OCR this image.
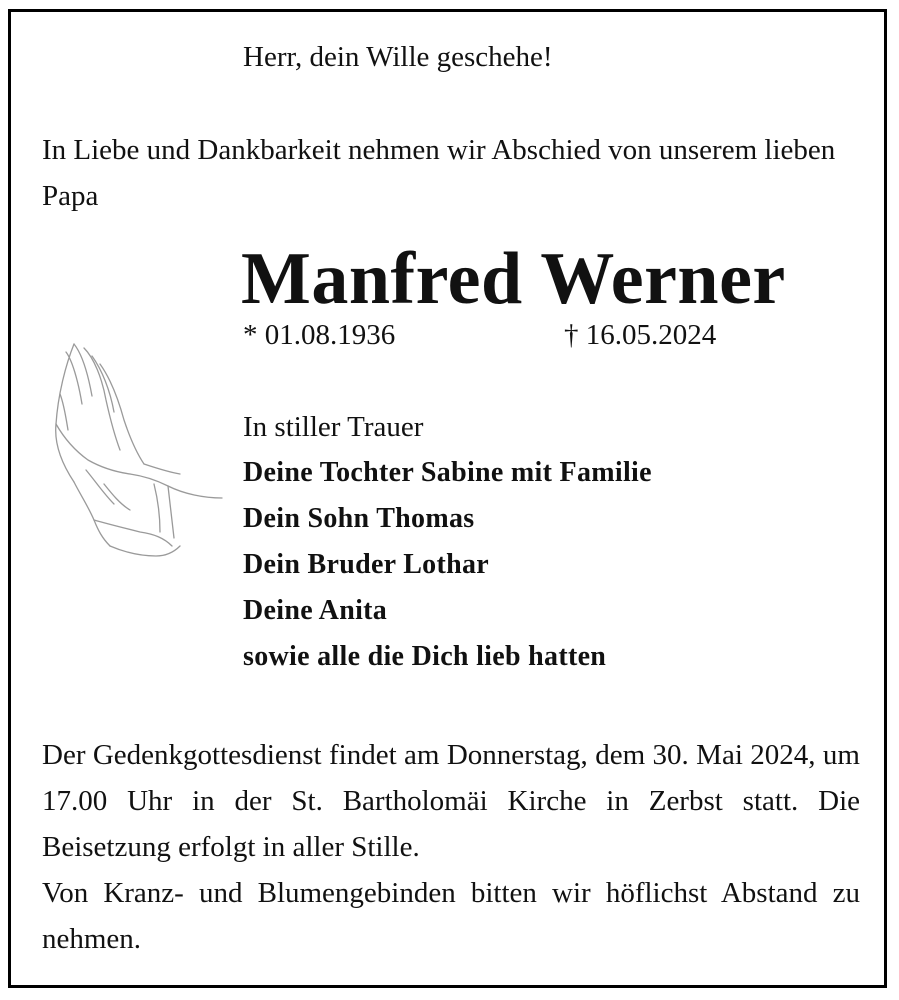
Herr, dein Wille geschehe!
In Liebe und Dankbarkeit nehmen wir Abschied von unserem lieben Papa
Manfred Werner
* 01.08.1936	† 16.05.2024
In stiller Trauer
Deine Tochter Sabine mit Familie
Dein Sohn Thomas
Dein Bruder Lothar
Deine Anita
sowie alle die Dich lieb hatten

Der Gedenkgottesdienst findet am Donnerstag, dem 30. Mai 2024, um 17.00 Uhr in der St. Bartholomäi Kirche in Zerbst statt. Die Beisetzung erfolgt in aller Stille.

Von Kranz- und Blumengebinden bitten wir höflichst Abstand zu nehmen.
